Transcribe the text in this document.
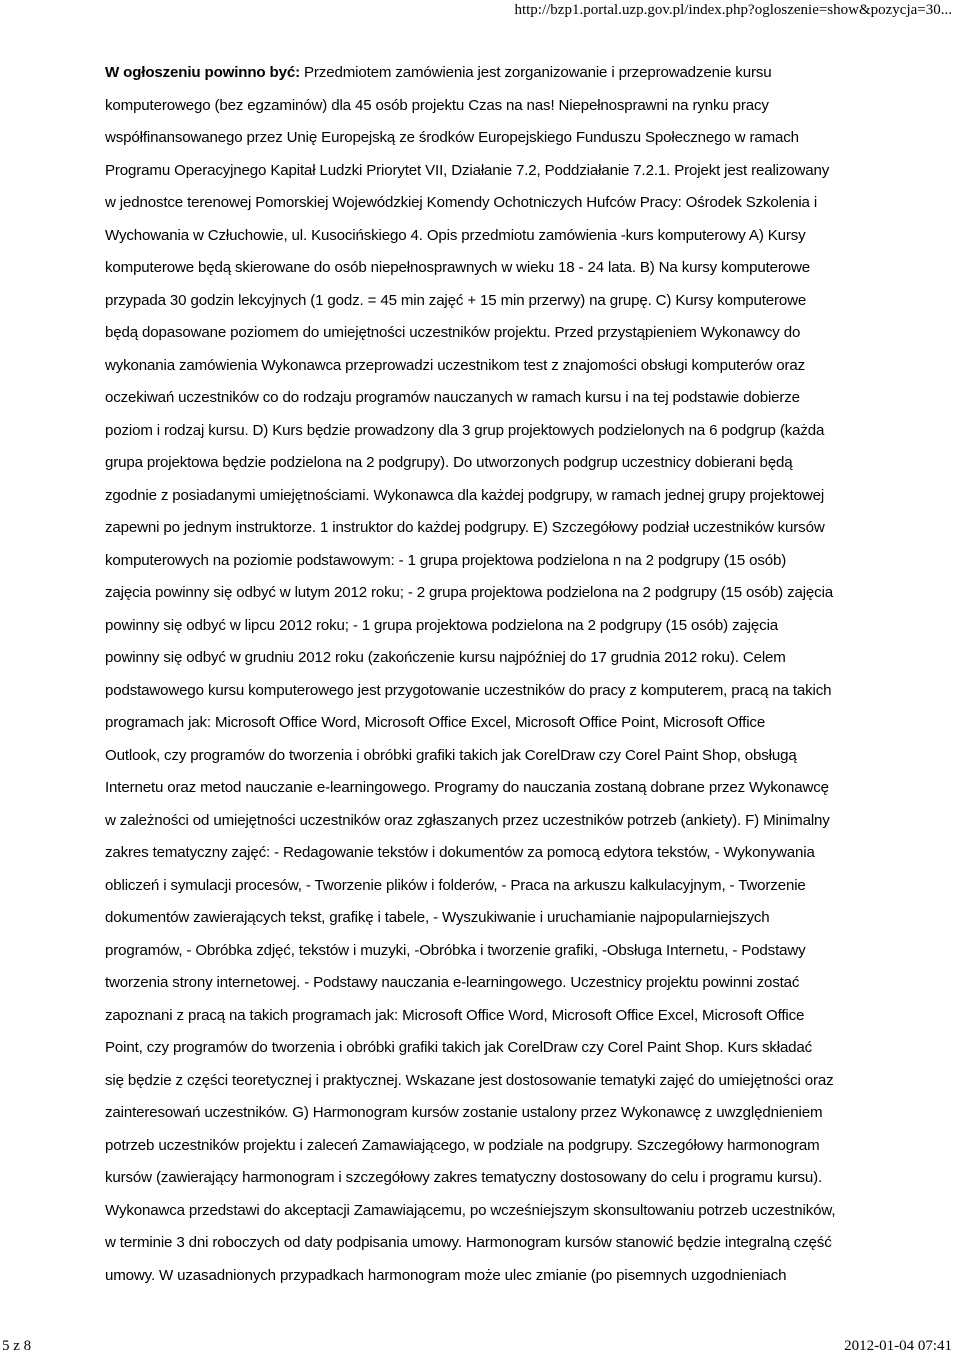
http://bzp1.portal.uzp.gov.pl/index.php?ogloszenie=show&pozycja=30...
W ogłoszeniu powinno być: Przedmiotem zamówienia jest zorganizowanie i przeprowadzenie kursu
komputerowego (bez egzaminów) dla 45 osób projektu Czas na nas! Niepełnosprawni na rynku pracy
współfinansowanego przez Unię Europejską ze środków Europejskiego Funduszu Społecznego w ramach
Programu Operacyjnego Kapitał Ludzki Priorytet VII, Działanie 7.2, Poddziałanie 7.2.1. Projekt jest realizowany
w jednostce terenowej Pomorskiej Wojewódzkiej Komendy Ochotniczych Hufców Pracy: Ośrodek Szkolenia i
Wychowania w Człuchowie, ul. Kusocińskiego 4. Opis przedmiotu zamówienia -kurs komputerowy A) Kursy
komputerowe będą skierowane do osób niepełnosprawnych w wieku 18 - 24 lata. B) Na kursy komputerowe
przypada 30 godzin lekcyjnych (1 godz. = 45 min zajęć + 15 min przerwy) na grupę. C) Kursy komputerowe
będą dopasowane poziomem do umiejętności uczestników projektu. Przed przystąpieniem Wykonawcy do
wykonania zamówienia Wykonawca przeprowadzi uczestnikom test z znajomości obsługi komputerów oraz
oczekiwań uczestników co do rodzaju programów nauczanych w ramach kursu i na tej podstawie dobierze
poziom i rodzaj kursu. D) Kurs będzie prowadzony dla 3 grup projektowych podzielonych na 6 podgrup (każda
grupa projektowa będzie podzielona na 2 podgrupy). Do utworzonych podgrup uczestnicy dobierani będą
zgodnie z posiadanymi umiejętnościami. Wykonawca dla każdej podgrupy, w ramach jednej grupy projektowej
zapewni po jednym instruktorze. 1 instruktor do każdej podgrupy. E) Szczegółowy podział uczestników kursów
komputerowych na poziomie podstawowym: - 1 grupa projektowa podzielona n na 2 podgrupy (15 osób)
zajęcia powinny się odbyć w lutym 2012 roku; - 2 grupa projektowa podzielona na 2 podgrupy (15 osób) zajęcia
powinny się odbyć w lipcu 2012 roku; - 1 grupa projektowa podzielona na 2 podgrupy (15 osób) zajęcia
powinny się odbyć w grudniu 2012 roku (zakończenie kursu najpóźniej do 17 grudnia 2012 roku). Celem
podstawowego kursu komputerowego jest przygotowanie uczestników do pracy z komputerem, pracą na takich
programach jak: Microsoft Office Word, Microsoft Office Excel, Microsoft Office Point, Microsoft Office
Outlook, czy programów do tworzenia i obróbki grafiki takich jak CorelDraw czy Corel Paint Shop, obsługą
Internetu oraz metod nauczanie e-learningowego. Programy do nauczania zostaną dobrane przez Wykonawcę
w zależności od umiejętności uczestników oraz zgłaszanych przez uczestników potrzeb (ankiety). F) Minimalny
zakres tematyczny zajęć: - Redagowanie tekstów i dokumentów za pomocą edytora tekstów, - Wykonywania
obliczeń i symulacji procesów, - Tworzenie plików i folderów, - Praca na arkuszu kalkulacyjnym, - Tworzenie
dokumentów zawierających tekst, grafikę i tabele, - Wyszukiwanie i uruchamianie najpopularniejszych
programów, - Obróbka zdjęć, tekstów i muzyki, -Obróbka i tworzenie grafiki, -Obsługa Internetu, - Podstawy
tworzenia strony internetowej. - Podstawy nauczania e-learningowego. Uczestnicy projektu powinni zostać
zapoznani z pracą na takich programach jak: Microsoft Office Word, Microsoft Office Excel, Microsoft Office
Point, czy programów do tworzenia i obróbki grafiki takich jak CorelDraw czy Corel Paint Shop. Kurs składać
się będzie z części teoretycznej i praktycznej. Wskazane jest dostosowanie tematyki zajęć do umiejętności oraz
zainteresowań uczestników. G) Harmonogram kursów zostanie ustalony przez Wykonawcę z uwzględnieniem
potrzeb uczestników projektu i zaleceń Zamawiającego, w podziale na podgrupy. Szczegółowy harmonogram
kursów (zawierający harmonogram i szczegółowy zakres tematyczny dostosowany do celu i programu kursu).
Wykonawca przedstawi do akceptacji Zamawiającemu, po wcześniejszym skonsultowaniu potrzeb uczestników,
w terminie 3 dni roboczych od daty podpisania umowy. Harmonogram kursów stanowić będzie integralną część
umowy. W uzasadnionych przypadkach harmonogram może ulec zmianie (po pisemnych uzgodnieniach
5 z 8	2012-01-04 07:41
